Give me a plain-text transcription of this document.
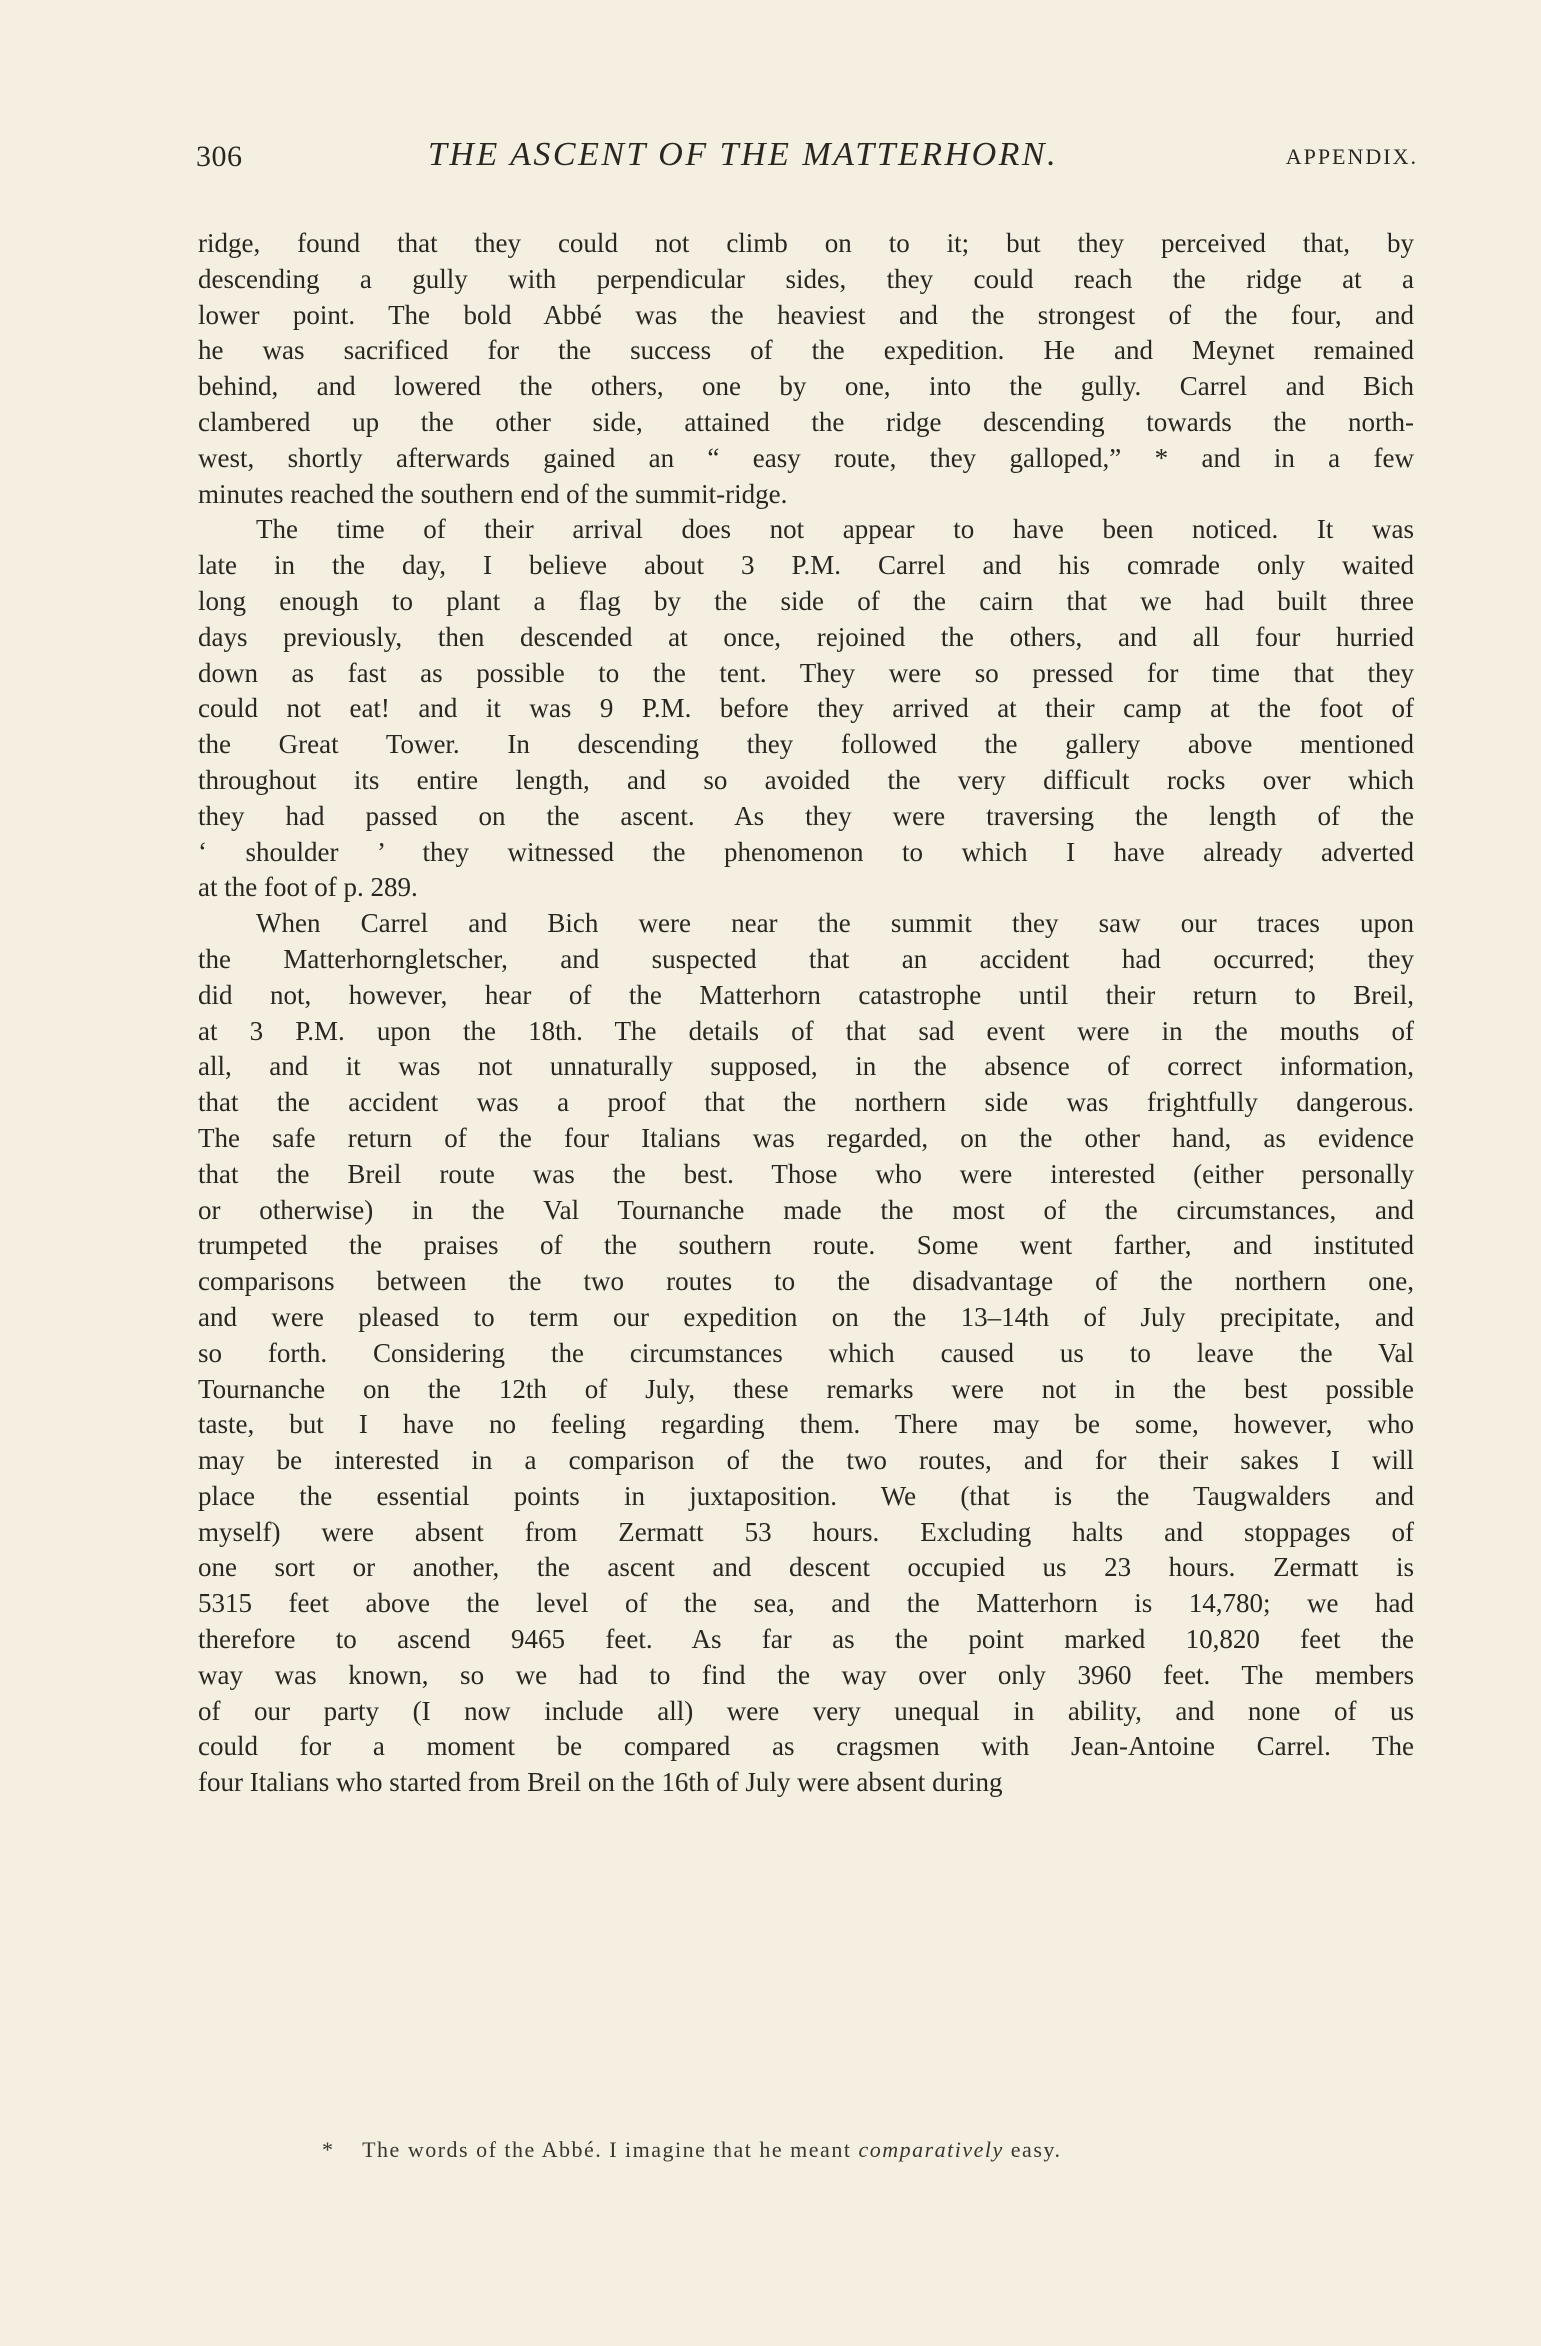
306	THE ASCENT OF THE MATTERHORN.	APPENDIX.
ridge, found that they could not climb on to it; but they perceived that, by
descending a gully with perpendicular sides, they could reach the ridge at a
lower point. The bold Abbé was the heaviest and the strongest of the four, and
he was sacrificed for the success of the expedition. He and Meynet remained
behind, and lowered the others, one by one, into the gully. Carrel and Bich
clambered up the other side, attained the ridge descending towards the north-
west, shortly afterwards gained an “ easy route, they galloped,” * and in a few
minutes reached the southern end of the summit-ridge.
The time of their arrival does not appear to have been noticed. It was
late in the day, I believe about 3 P.M. Carrel and his comrade only waited
long enough to plant a flag by the side of the cairn that we had built three
days previously, then descended at once, rejoined the others, and all four hurried
down as fast as possible to the tent. They were so pressed for time that they
could not eat! and it was 9 P.M. before they arrived at their camp at the foot of
the Great Tower. In descending they followed the gallery above mentioned
throughout its entire length, and so avoided the very difficult rocks over which
they had passed on the ascent. As they were traversing the length of the
‘ shoulder ’ they witnessed the phenomenon to which I have already adverted
at the foot of p. 289.
When Carrel and Bich were near the summit they saw our traces upon
the Matterhorngletscher, and suspected that an accident had occurred; they
did not, however, hear of the Matterhorn catastrophe until their return to Breil,
at 3 P.M. upon the 18th. The details of that sad event were in the mouths of
all, and it was not unnaturally supposed, in the absence of correct information,
that the accident was a proof that the northern side was frightfully dangerous.
The safe return of the four Italians was regarded, on the other hand, as evidence
that the Breil route was the best. Those who were interested (either personally
or otherwise) in the Val Tournanche made the most of the circumstances, and
trumpeted the praises of the southern route. Some went farther, and instituted
comparisons between the two routes to the disadvantage of the northern one,
and were pleased to term our expedition on the 13–14th of July precipitate, and
so forth. Considering the circumstances which caused us to leave the Val
Tournanche on the 12th of July, these remarks were not in the best possible
taste, but I have no feeling regarding them. There may be some, however, who
may be interested in a comparison of the two routes, and for their sakes I will
place the essential points in juxtaposition. We (that is the Taugwalders and
myself) were absent from Zermatt 53 hours. Excluding halts and stoppages of
one sort or another, the ascent and descent occupied us 23 hours. Zermatt is
5315 feet above the level of the sea, and the Matterhorn is 14,780; we had
therefore to ascend 9465 feet. As far as the point marked 10,820 feet the
way was known, so we had to find the way over only 3960 feet. The members
of our party (I now include all) were very unequal in ability, and none of us
could for a moment be compared as cragsmen with Jean-Antoine Carrel. The
four Italians who started from Breil on the 16th of July were absent during
* The words of the Abbé. I imagine that he meant comparatively easy.
